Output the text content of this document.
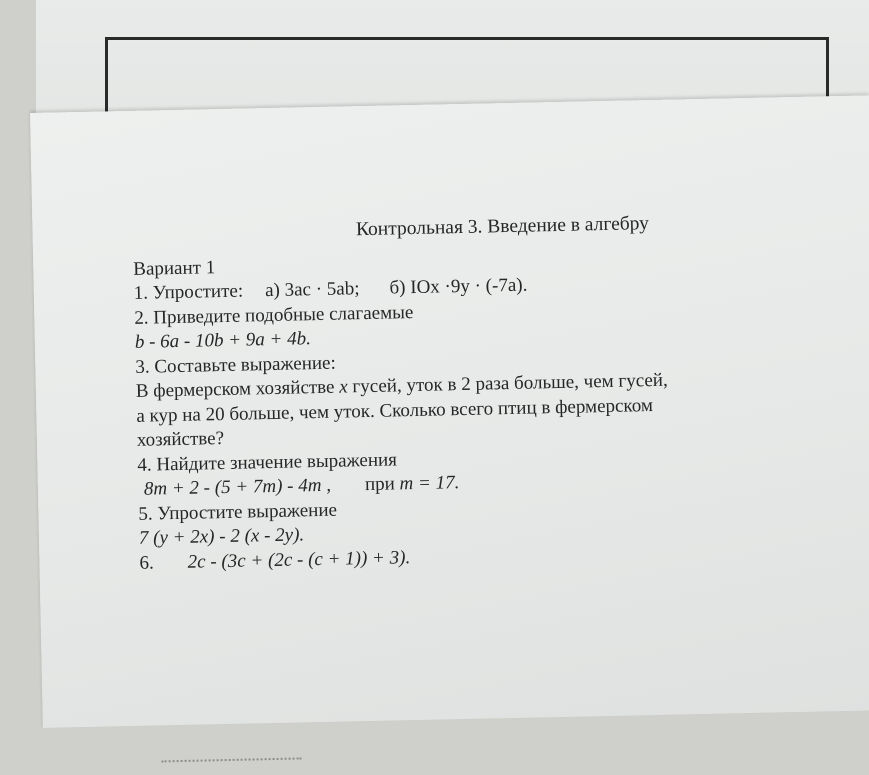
Контрольная 3. Введение в алгебру
Вариант 1
1. Упростите: а) 3ас · 5аb; б) IOx ·9y · (-7a).
2. Приведите подобные слагаемые
b - 6а - 10b + 9а + 4b.
3. Составьте выражение:
В фермерском хозяйстве х гусей, уток в 2 раза больше, чем гусей,
а кур на 20 больше, чем уток. Сколько всего птиц в фермерском
хозяйстве?
4. Найдите значение выражения
8m + 2 - (5 + 7m) - 4m , при m = 17.
5. Упростите выражение
7 (y + 2x) - 2 (x - 2y).
6. 2с - (3с + (2с - (с + 1)) + 3).
